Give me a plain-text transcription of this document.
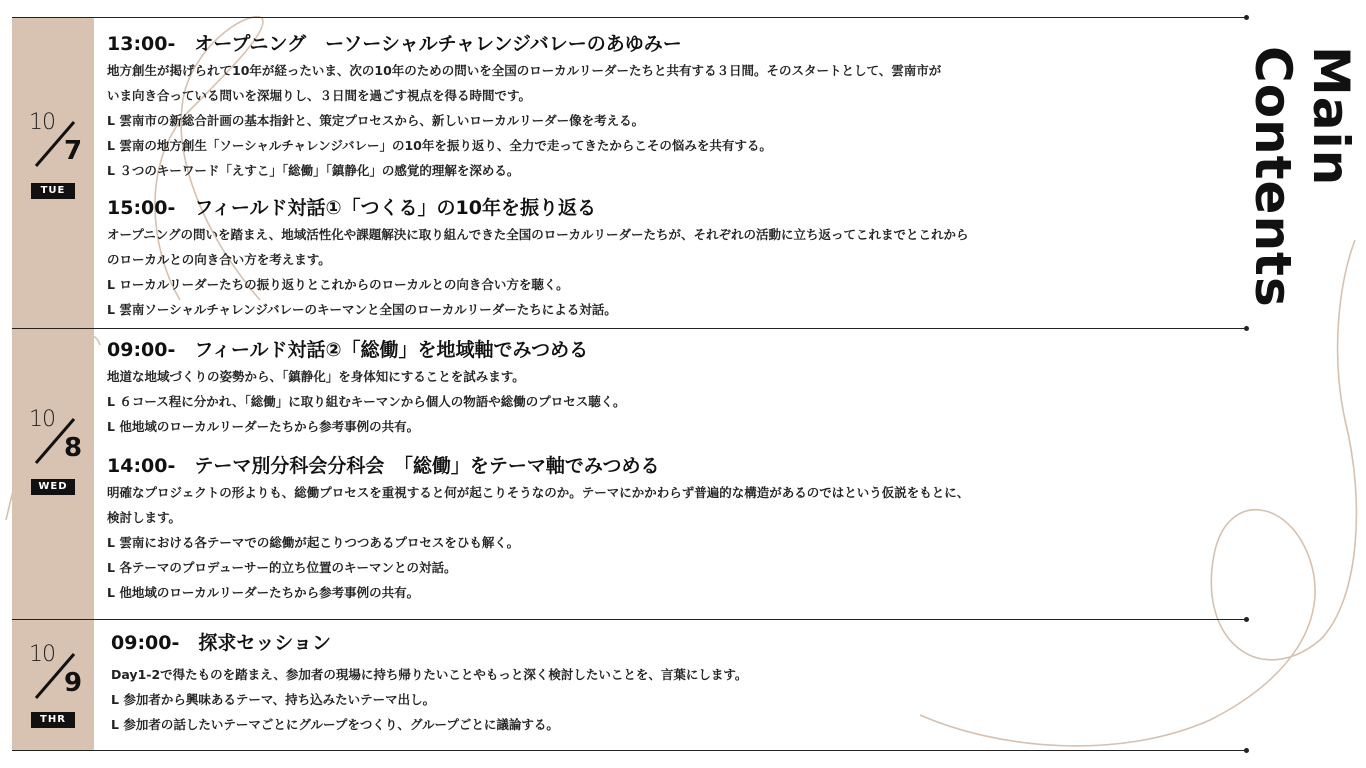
10
7
TUE
10
8
WED
10
9
THR
13:00-　オープニング　ーソーシャルチャレンジバレーのあゆみー

地方創生が掲げられて10年が経ったいま、次の10年のための問いを全国のローカルリーダーたちと共有する３日間。そのスタートとして、雲南市が

いま向き合っている問いを深堀りし、３日間を過ごす視点を得る時間です。

L 雲南市の新総合計画の基本指針と、策定プロセスから、新しいローカルリーダー像を考える。

L 雲南の地方創生「ソーシャルチャレンジバレー」の10年を振り返り、全力で走ってきたからこその悩みを共有する。

L ３つのキーワード「えすこ」「総働」「鎮静化」の感覚的理解を深める。

15:00-　フィールド対話①「つくる」の10年を振り返る

オープニングの問いを踏まえ、地域活性化や課題解決に取り組んできた全国のローカルリーダーたちが、それぞれの活動に立ち返ってこれまでとこれから

のローカルとの向き合い方を考えます。

L ローカルリーダーたちの振り返りとこれからのローカルとの向き合い方を聴く。

L 雲南ソーシャルチャレンジバレーのキーマンと全国のローカルリーダーたちによる対話。

09:00-　フィールド対話②「総働」を地域軸でみつめる

地道な地域づくりの姿勢から、「鎮静化」を身体知にすることを試みます。

L ６コース程に分かれ、「総働」に取り組むキーマンから個人の物語や総働のプロセス聴く。

L 他地域のローカルリーダーたちから参考事例の共有。

14:00-　テーマ別分科会分科会　「総働」をテーマ軸でみつめる

明確なプロジェクトの形よりも、総働プロセスを重視すると何が起こりそうなのか。テーマにかかわらず普遍的な構造があるのではという仮説をもとに、

検討します。

L 雲南における各テーマでの総働が起こりつつあるプロセスをひも解く。

L 各テーマのプロデューサー的立ち位置のキーマンとの対話。

L 他地域のローカルリーダーたちから参考事例の共有。

09:00-　探求セッション

Day1-2で得たものを踏まえ、参加者の現場に持ち帰りたいことやもっと深く検討したいことを、言葉にします。

L 参加者から興味あるテーマ、持ち込みたいテーマ出し。

L 参加者の話したいテーマごとにグループをつくり、グループごとに議論する。

Main Contents
